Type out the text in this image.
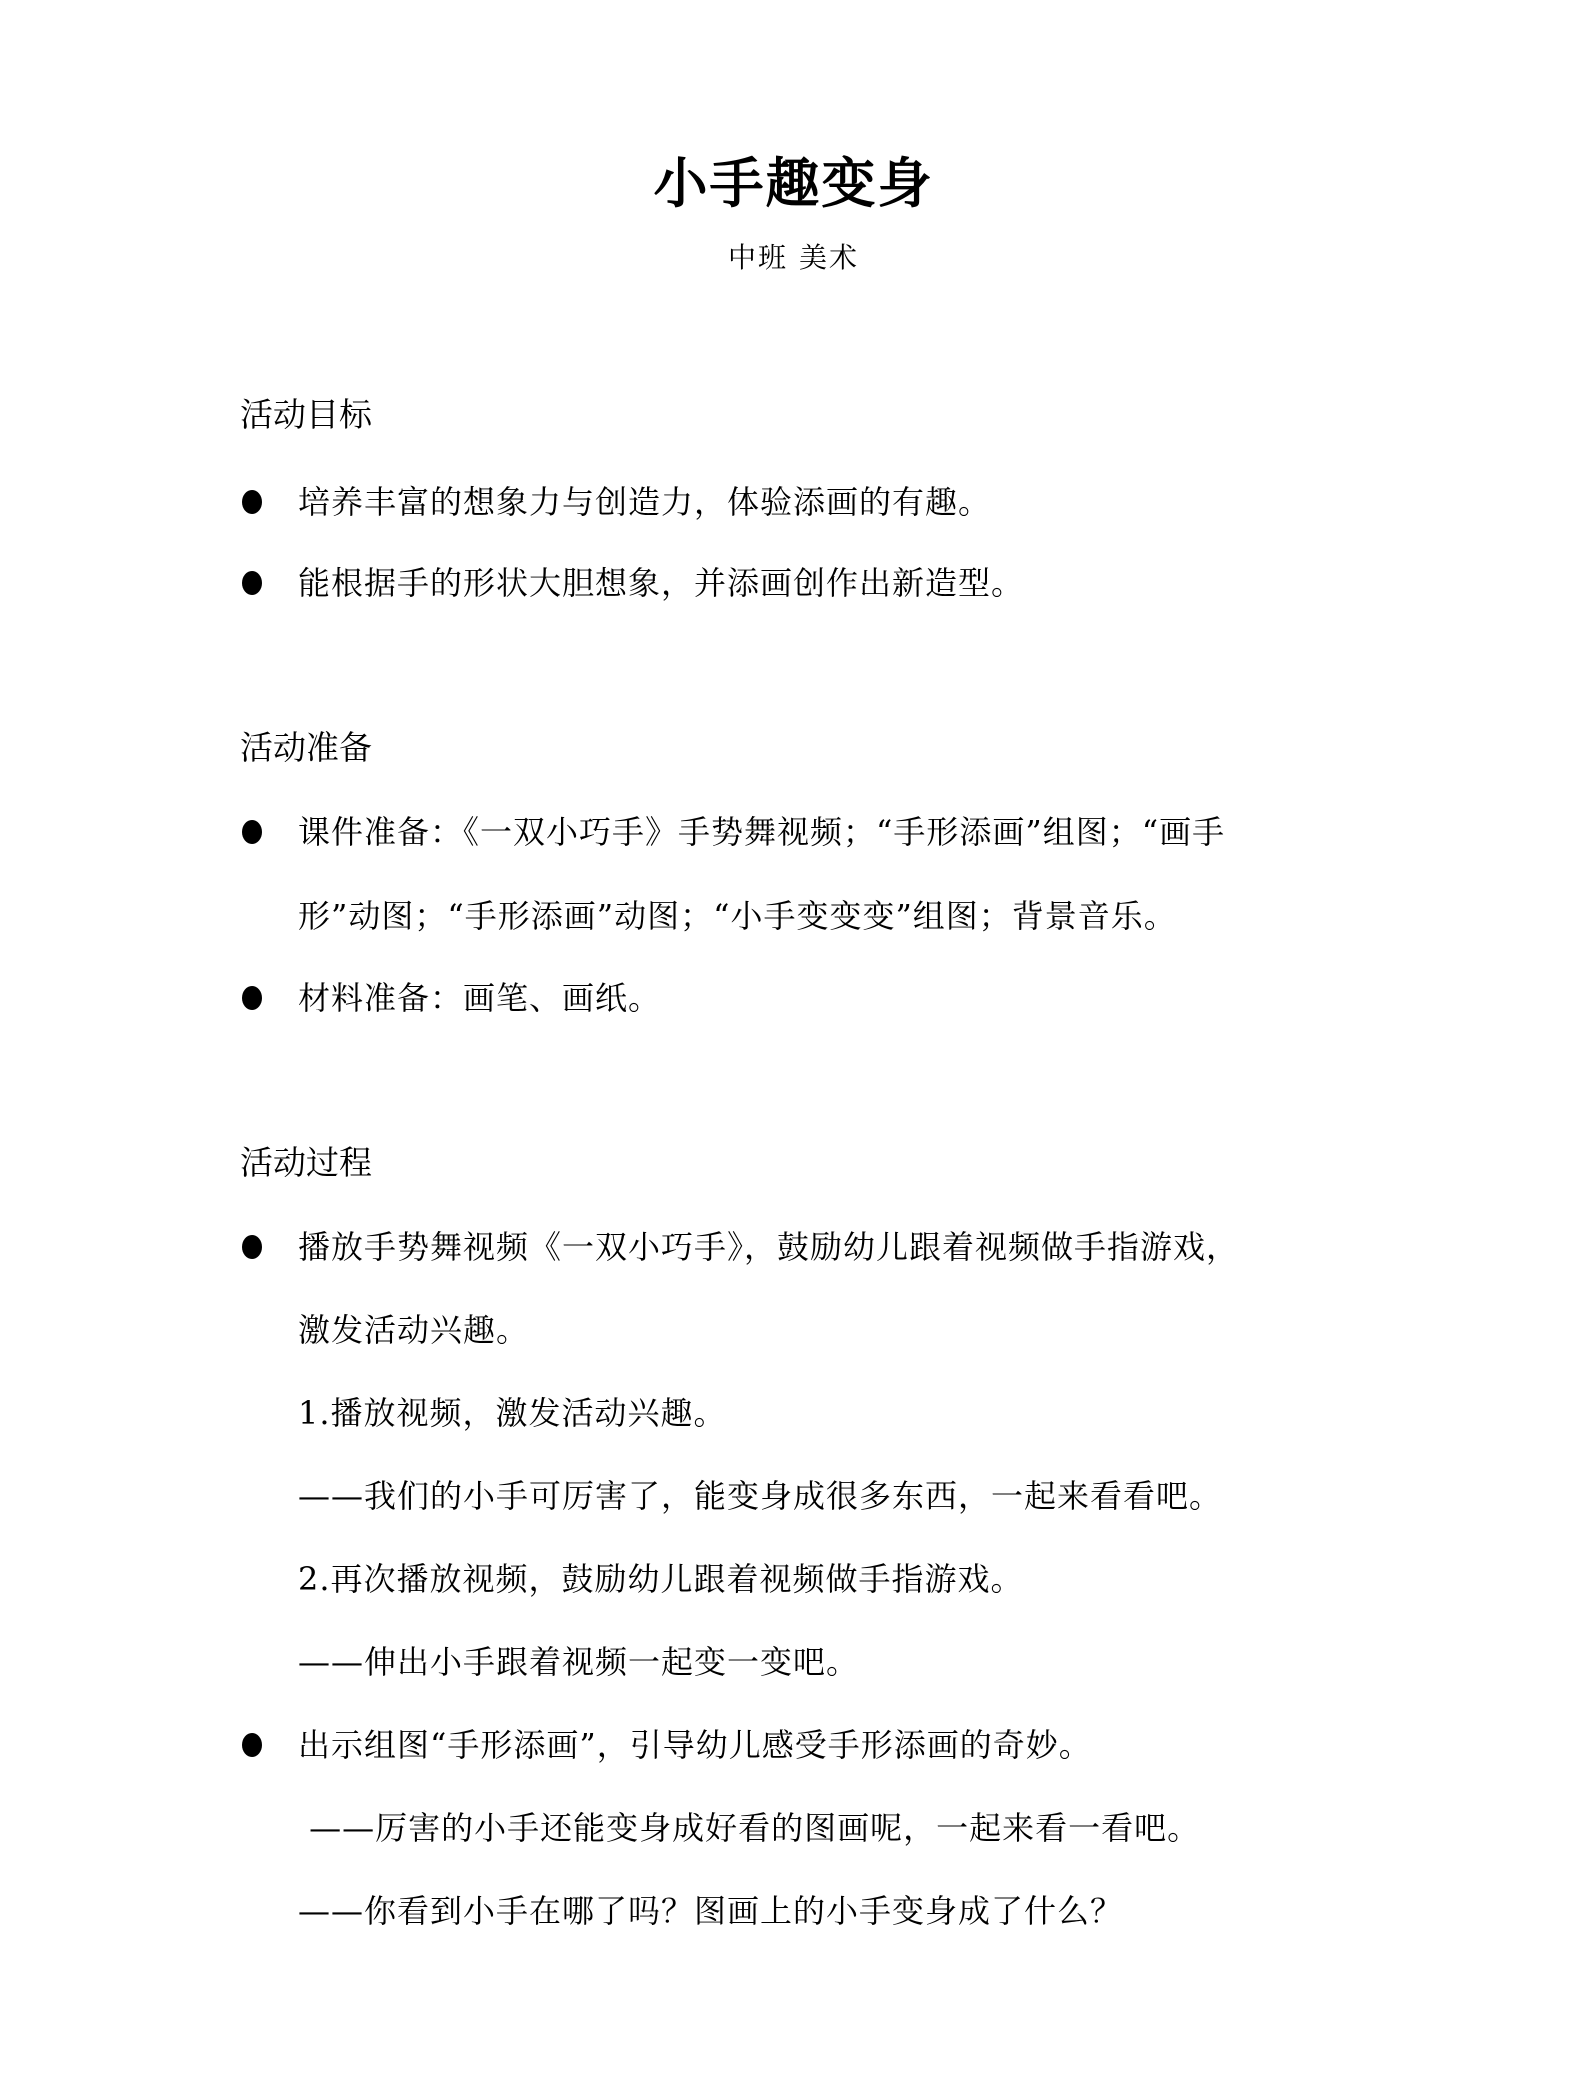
小手趣变身
中班 美术
活动目标
培养丰富的想象力与创造力，体验添画的有趣。
能根据手的形状大胆想象，并添画创作出新造型。
活动准备
课件准备：《一双小巧手》手势舞视频；“手形添画”组图；“画手
形”动图；“手形添画”动图；“小手变变变”组图；背景音乐。
材料准备：画笔、画纸。
活动过程
播放手势舞视频《一双小巧手》，鼓励幼儿跟着视频做手指游戏，
激发活动兴趣。
1.播放视频，激发活动兴趣。
——我们的小手可厉害了，能变身成很多东西，一起来看看吧。
2.再次播放视频，鼓励幼儿跟着视频做手指游戏。
——伸出小手跟着视频一起变一变吧。
出示组图“手形添画”，引导幼儿感受手形添画的奇妙。
——厉害的小手还能变身成好看的图画呢，一起来看一看吧。
——你看到小手在哪了吗？图画上的小手变身成了什么？
